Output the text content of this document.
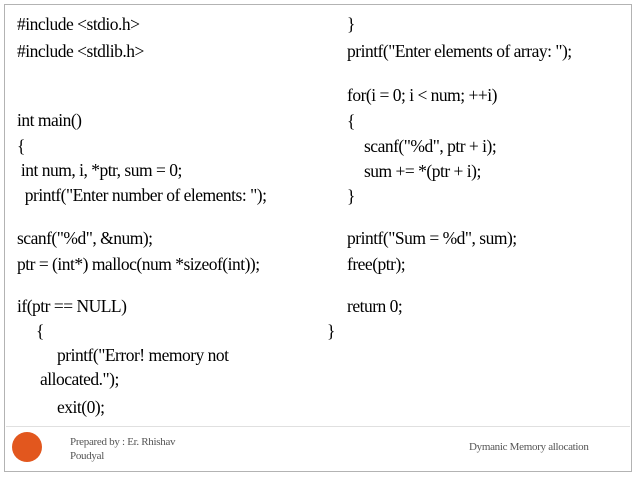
#include <stdio.h>
#include <stdlib.h>
int main()
{
int num, i, *ptr, sum = 0;
printf("Enter number of elements: ");
scanf("%d", &num);
ptr = (int*) malloc(num *sizeof(int));
if(ptr == NULL)
{
printf("Error! memory not
allocated.");
exit(0);
}
printf("Enter elements of array: ");
for(i = 0; i < num; ++i)
{
scanf("%d", ptr + i);
sum += *(ptr + i);
}
printf("Sum = %d", sum);
free(ptr);
return 0;
}
Prepared by : Er. Rhishav
Poudyal
Dymanic Memory allocation
